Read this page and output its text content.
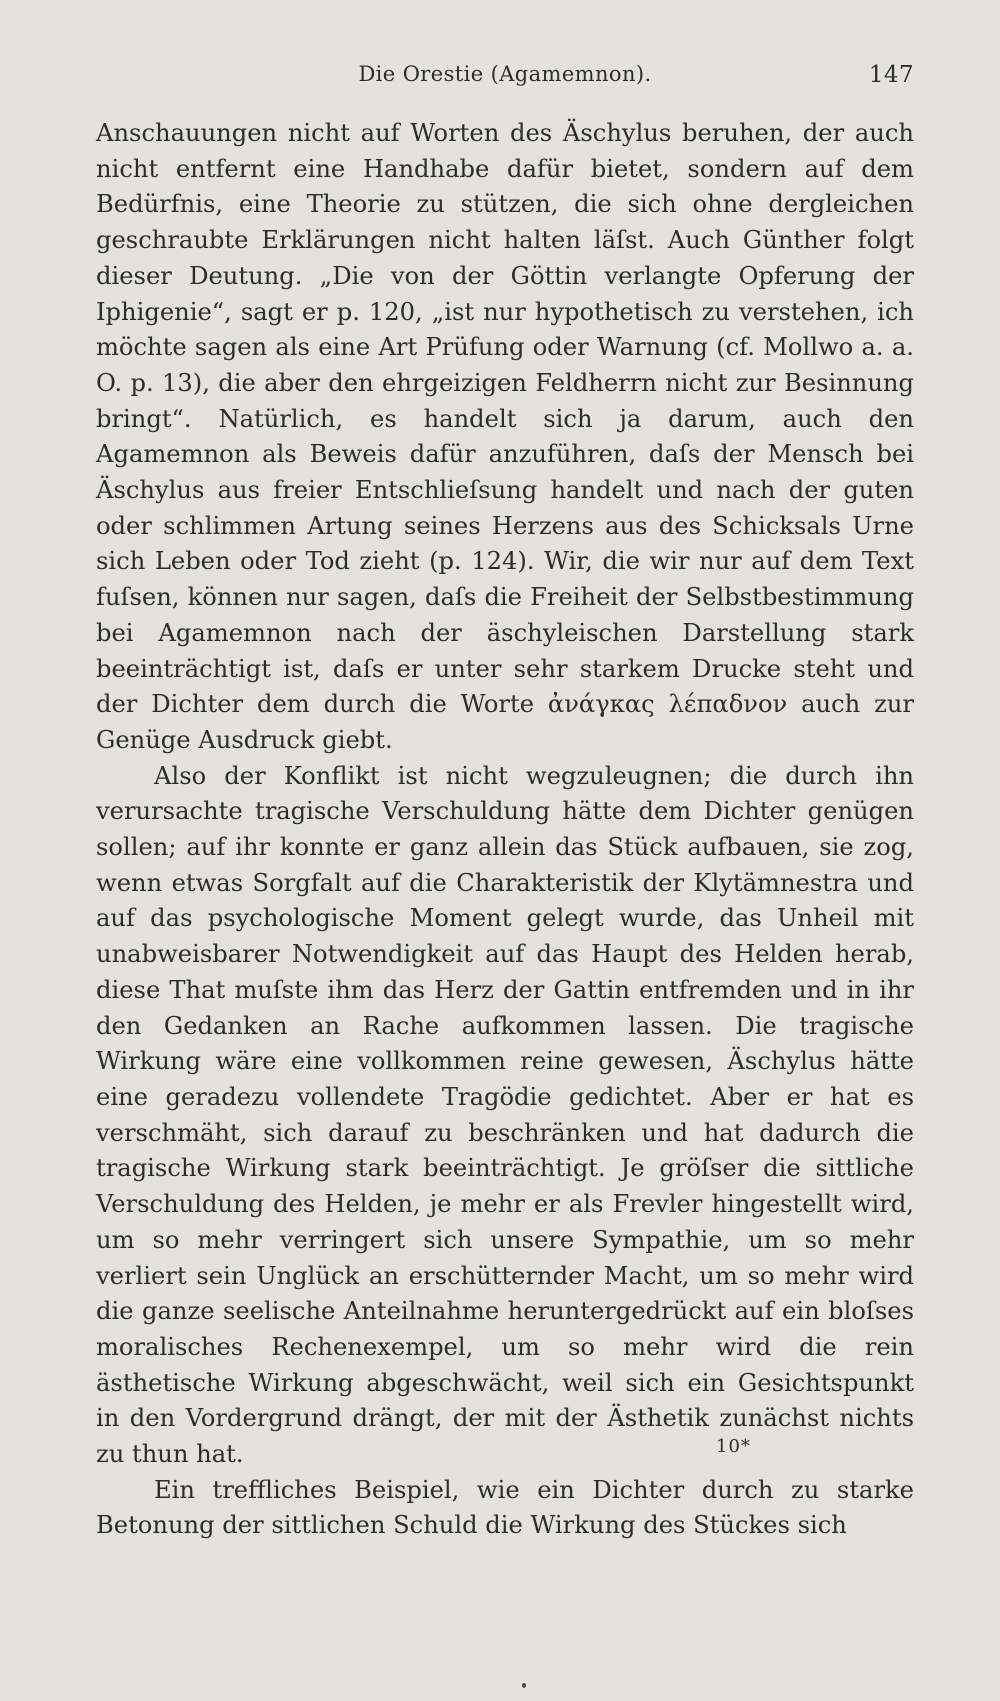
Die Orestie (Agamemnon).	147

Anschauungen nicht auf Worten des Äschylus beruhen, der auch nicht entfernt eine Handhabe dafür bietet, sondern auf dem Bedürfnis, eine Theorie zu stützen, die sich ohne dergleichen geschraubte Erklärungen nicht halten läſst. Auch Günther folgt dieser Deutung. „Die von der Göttin verlangte Opferung der Iphigenie“, sagt er p. 120, „ist nur hypothetisch zu verstehen, ich möchte sagen als eine Art Prüfung oder Warnung (cf. Mollwo a. a. O. p. 13), die aber den ehrgeizigen Feldherrn nicht zur Besinnung bringt“. Natürlich, es handelt sich ja darum, auch den Agamemnon als Beweis dafür anzuführen, daſs der Mensch bei Äschylus aus freier Entschlieſsung handelt und nach der guten oder schlimmen Artung seines Herzens aus des Schicksals Urne sich Leben oder Tod zieht (p. 124). Wir, die wir nur auf dem Text fuſsen, können nur sagen, daſs die Freiheit der Selbstbestimmung bei Agamemnon nach der äschyleischen Darstellung stark beeinträchtigt ist, daſs er unter sehr starkem Drucke steht und der Dichter dem durch die Worte ἀνάγκας λέπαδνον auch zur Genüge Ausdruck giebt.

Also der Konflikt ist nicht wegzuleugnen; die durch ihn verursachte tragische Verschuldung hätte dem Dichter genügen sollen; auf ihr konnte er ganz allein das Stück aufbauen, sie zog, wenn etwas Sorgfalt auf die Charakteristik der Klytämnestra und auf das psychologische Moment gelegt wurde, das Unheil mit unabweisbarer Notwendigkeit auf das Haupt des Helden herab, diese That muſste ihm das Herz der Gattin entfremden und in ihr den Gedanken an Rache aufkommen lassen. Die tragische Wirkung wäre eine vollkommen reine gewesen, Äschylus hätte eine geradezu vollendete Tragödie gedichtet. Aber er hat es verschmäht, sich darauf zu beschränken und hat dadurch die tragische Wirkung stark beeinträchtigt. Je gröſser die sittliche Verschuldung des Helden, je mehr er als Frevler hingestellt wird, um so mehr verringert sich unsere Sympathie, um so mehr verliert sein Unglück an erschütternder Macht, um so mehr wird die ganze seelische Anteilnahme heruntergedrückt auf ein bloſses moralisches Rechenexempel, um so mehr wird die rein ästhetische Wirkung abgeschwächt, weil sich ein Gesichtspunkt in den Vordergrund drängt, der mit der Ästhetik zunächst nichts zu thun hat.

Ein treffliches Beispiel, wie ein Dichter durch zu starke Betonung der sittlichen Schuld die Wirkung des Stückes sich

10*
